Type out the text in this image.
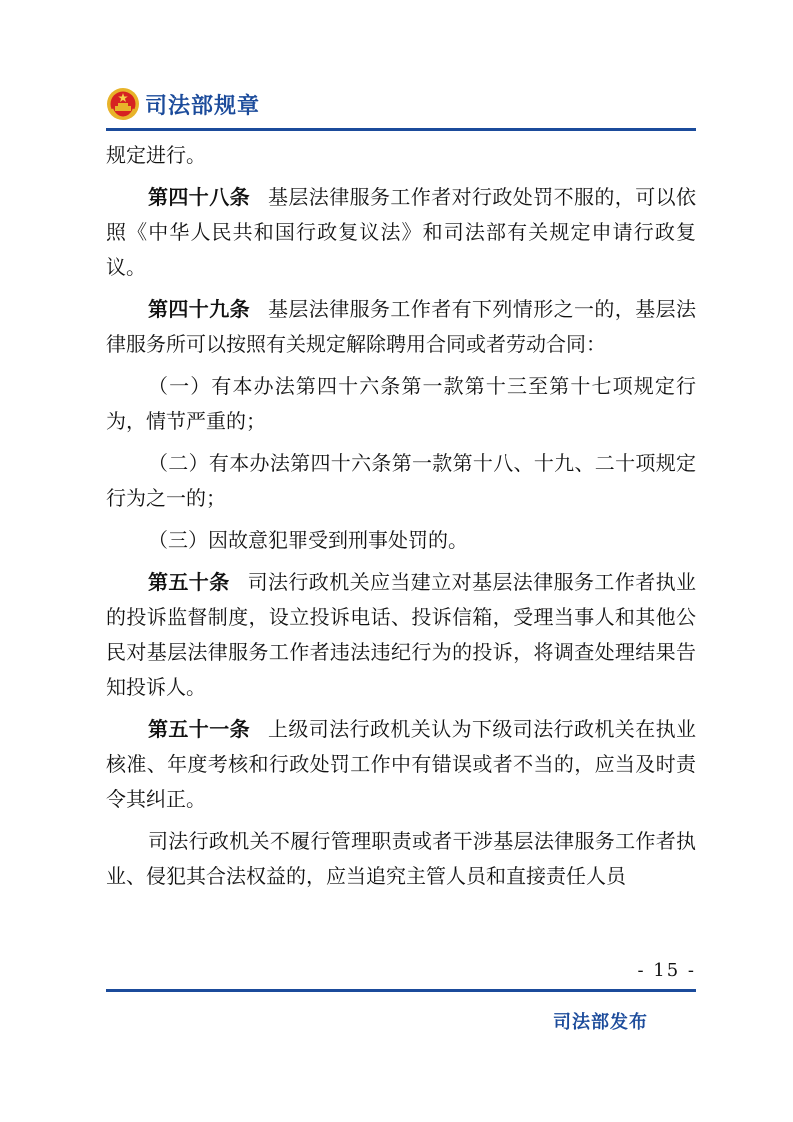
司法部规章

规定进行。

第四十八条 基层法律服务工作者对行政处罚不服的，可以依照《中华人民共和国行政复议法》和司法部有关规定申请行政复议。

第四十九条 基层法律服务工作者有下列情形之一的，基层法律服务所可以按照有关规定解除聘用合同或者劳动合同：

（一）有本办法第四十六条第一款第十三至第十七项规定行为，情节严重的；

（二）有本办法第四十六条第一款第十八、十九、二十项规定行为之一的；

（三）因故意犯罪受到刑事处罚的。

第五十条 司法行政机关应当建立对基层法律服务工作者执业的投诉监督制度，设立投诉电话、投诉信箱，受理当事人和其他公民对基层法律服务工作者违法违纪行为的投诉，将调查处理结果告知投诉人。

第五十一条 上级司法行政机关认为下级司法行政机关在执业核准、年度考核和行政处罚工作中有错误或者不当的，应当及时责令其纠正。

司法行政机关不履行管理职责或者干涉基层法律服务工作者执业、侵犯其合法权益的，应当追究主管人员和直接责任人员

- 15 -
司法部发布
